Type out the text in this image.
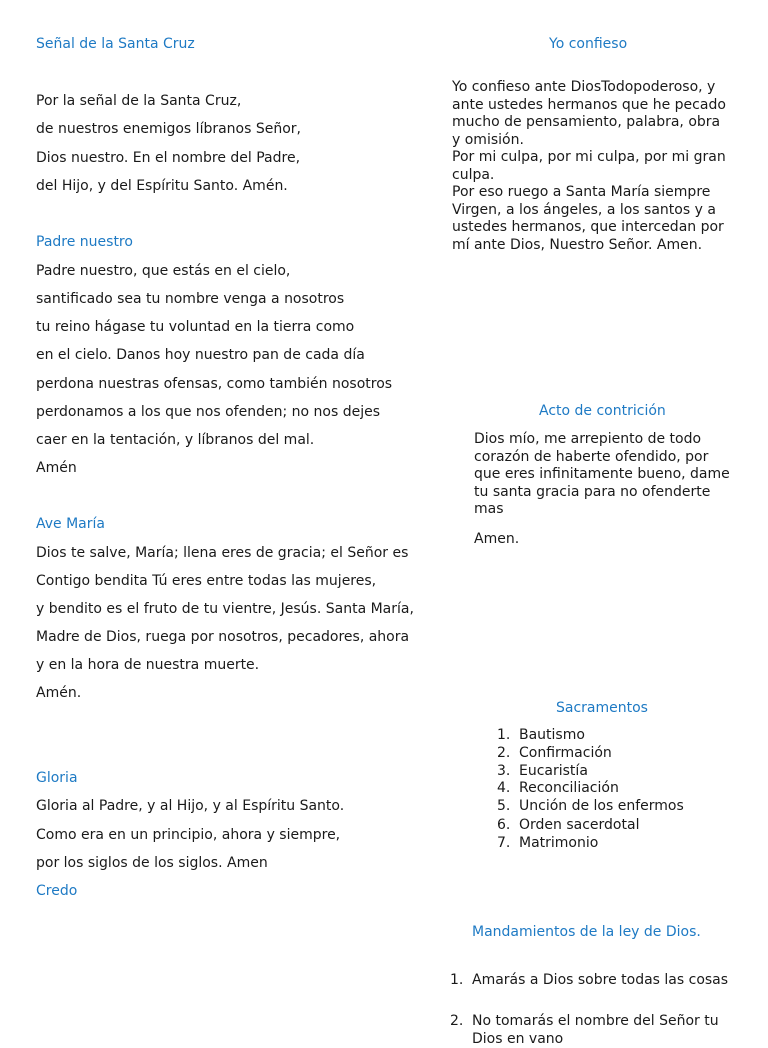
Señal de la Santa Cruz
Por la señal de la Santa Cruz,
de nuestros enemigos líbranos Señor,
Dios nuestro. En el nombre del Padre,
del Hijo, y del Espíritu Santo. Amén.
Padre nuestro
Padre nuestro, que estás en el cielo,
santificado sea tu nombre venga a nosotros
tu reino hágase tu voluntad en la tierra como
en el cielo. Danos hoy nuestro pan de cada día
perdona nuestras ofensas, como también nosotros
perdonamos a los que nos ofenden; no nos dejes
caer en la tentación, y líbranos del mal.
Amén
Ave María
Dios te salve, María; llena eres de gracia; el Señor es
Contigo bendita Tú eres entre todas las mujeres,
y bendito es el fruto de tu vientre, Jesús. Santa María,
Madre de Dios, ruega por nosotros, pecadores, ahora
y en la hora de nuestra muerte.
Amén.
Gloria
Gloria al Padre, y al Hijo, y al Espíritu Santo.
Como era en un principio, ahora y siempre,
por los siglos de los siglos. Amen
Credo
Yo confieso

Yo confieso ante DiosTodopoderoso, y ante ustedes hermanos que he pecado mucho de pensamiento, palabra, obra y omisión.

Por mi culpa, por mi culpa, por mi gran culpa.

Por eso ruego a Santa María siempre Virgen, a los ángeles, a los santos y a ustedes hermanos, que intercedan por mí ante Dios, Nuestro Señor. Amen.

Acto de contrición

Dios mío, me arrepiento de todo corazón de haberte ofendido, por que eres infinitamente bueno, dame tu santa gracia para no ofenderte mas

Amen.

Sacramentos
1. Bautismo
2. Confirmación
3. Eucaristía
4. Reconciliación
5. Unción de los enfermos
6. Orden sacerdotal
7. Matrimonio
Mandamientos de la ley de Dios.
1. Amarás a Dios sobre todas las cosas
2. No tomarás el nombre del Señor tu Dios en vano
